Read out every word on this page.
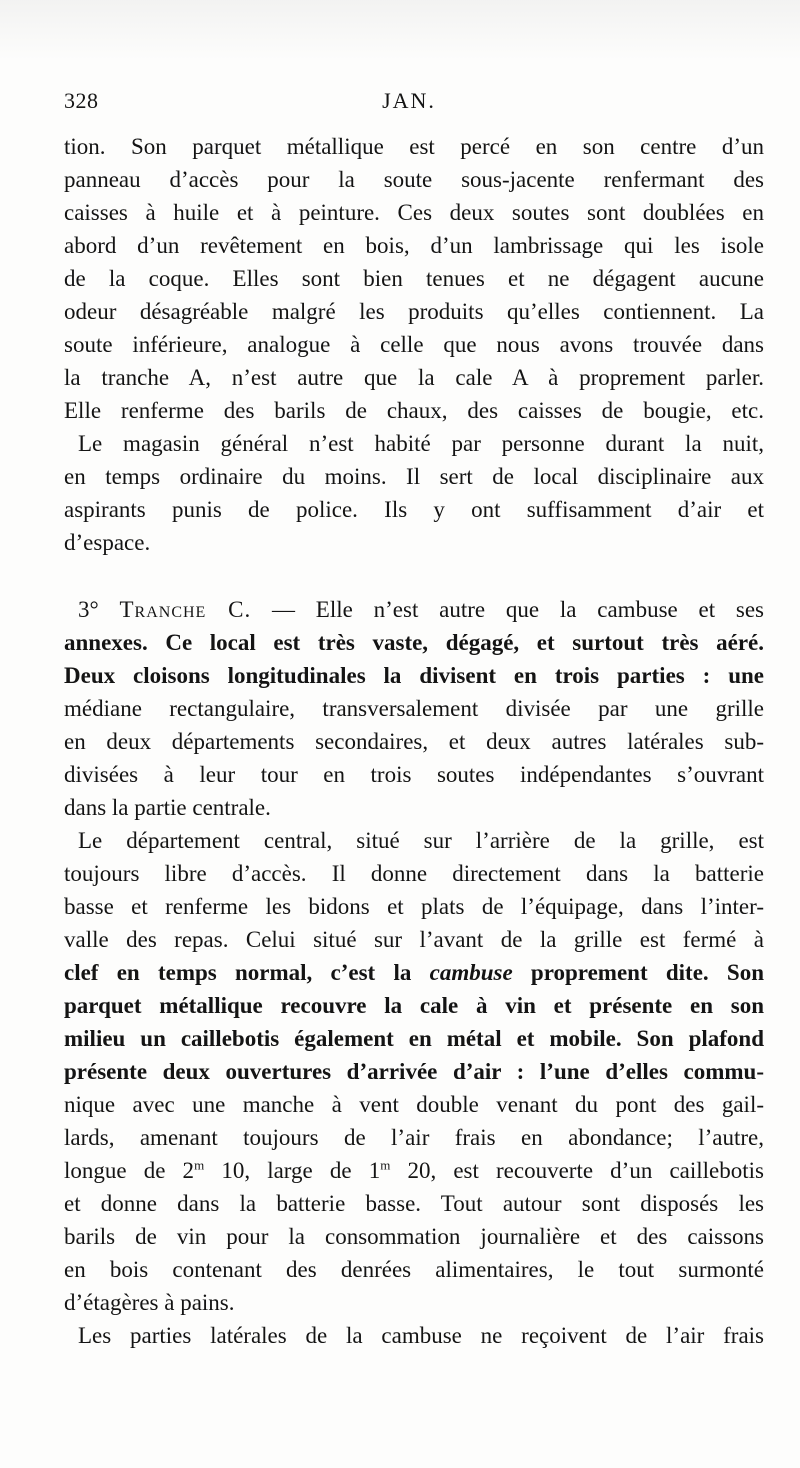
328	JAN.
tion. Son parquet métallique est percé en son centre d’un
panneau d’accès pour la soute sous-jacente renfermant des
caisses à huile et à peinture. Ces deux soutes sont doublées en
abord d’un revêtement en bois, d’un lambrissage qui les isole
de la coque. Elles sont bien tenues et ne dégagent aucune
odeur désagréable malgré les produits qu’elles contiennent. La
soute inférieure, analogue à celle que nous avons trouvée dans
la tranche A, n’est autre que la cale A à proprement parler.
Elle renferme des barils de chaux, des caisses de bougie, etc.
Le magasin général n’est habité par personne durant la nuit,
en temps ordinaire du moins. Il sert de local disciplinaire aux
aspirants punis de police. Ils y ont suffisamment d’air et
d’espace.
3° Tranche C. — Elle n’est autre que la cambuse et ses
annexes. Ce local est très vaste, dégagé, et surtout très aéré.
Deux cloisons longitudinales la divisent en trois parties : une
médiane rectangulaire, transversalement divisée par une grille
en deux départements secondaires, et deux autres latérales sub-
divisées à leur tour en trois soutes indépendantes s’ouvrant
dans la partie centrale.
Le département central, situé sur l’arrière de la grille, est
toujours libre d’accès. Il donne directement dans la batterie
basse et renferme les bidons et plats de l’équipage, dans l’inter-
valle des repas. Celui situé sur l’avant de la grille est fermé à
clef en temps normal, c’est la cambuse proprement dite. Son
parquet métallique recouvre la cale à vin et présente en son
milieu un caillebotis également en métal et mobile. Son plafond
présente deux ouvertures d’arrivée d’air : l’une d’elles commu-
nique avec une manche à vent double venant du pont des gail-
lards, amenant toujours de l’air frais en abondance; l’autre,
longue de 2$^m$ 10, large de 1$^m$ 20, est recouverte d’un caillebotis
et donne dans la batterie basse. Tout autour sont disposés les
barils de vin pour la consommation journalière et des caissons
en bois contenant des denrées alimentaires, le tout surmonté
d’étagères à pains.
Les parties latérales de la cambuse ne reçoivent de l’air frais
